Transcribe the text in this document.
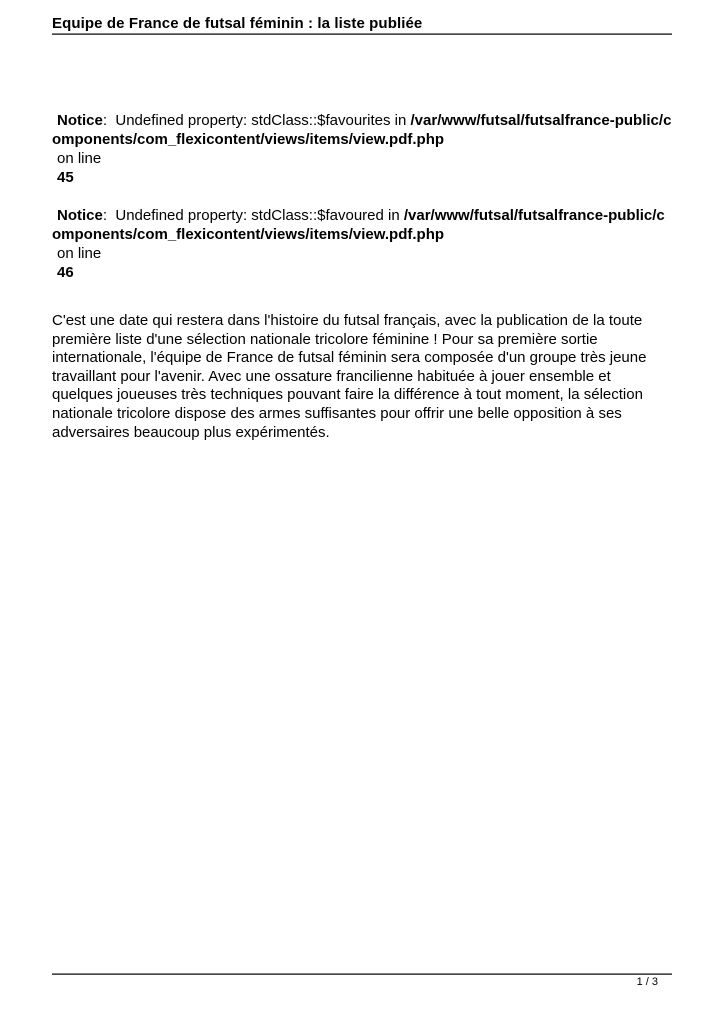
Equipe de France de futsal féminin : la liste publiée

Notice:  Undefined property: stdClass::$favourites in /var/www/futsal/futsalfrance-public/components/com_flexicontent/views/items/view.pdf.php

on line

45

Notice:  Undefined property: stdClass::$favoured in /var/www/futsal/futsalfrance-public/components/com_flexicontent/views/items/view.pdf.php

on line

46

C'est une date qui restera dans l'histoire du futsal français, avec la publication de la toute première liste d'une sélection nationale tricolore féminine ! Pour sa première sortie internationale, l'équipe de France de futsal féminin sera composée d'un groupe très jeune travaillant pour l'avenir. Avec une ossature francilienne habituée à jouer ensemble et quelques joueuses très techniques pouvant faire la différence à tout moment, la sélection nationale tricolore dispose des armes suffisantes pour offrir une belle opposition à ses adversaires beaucoup plus expérimentés.

1 / 3
